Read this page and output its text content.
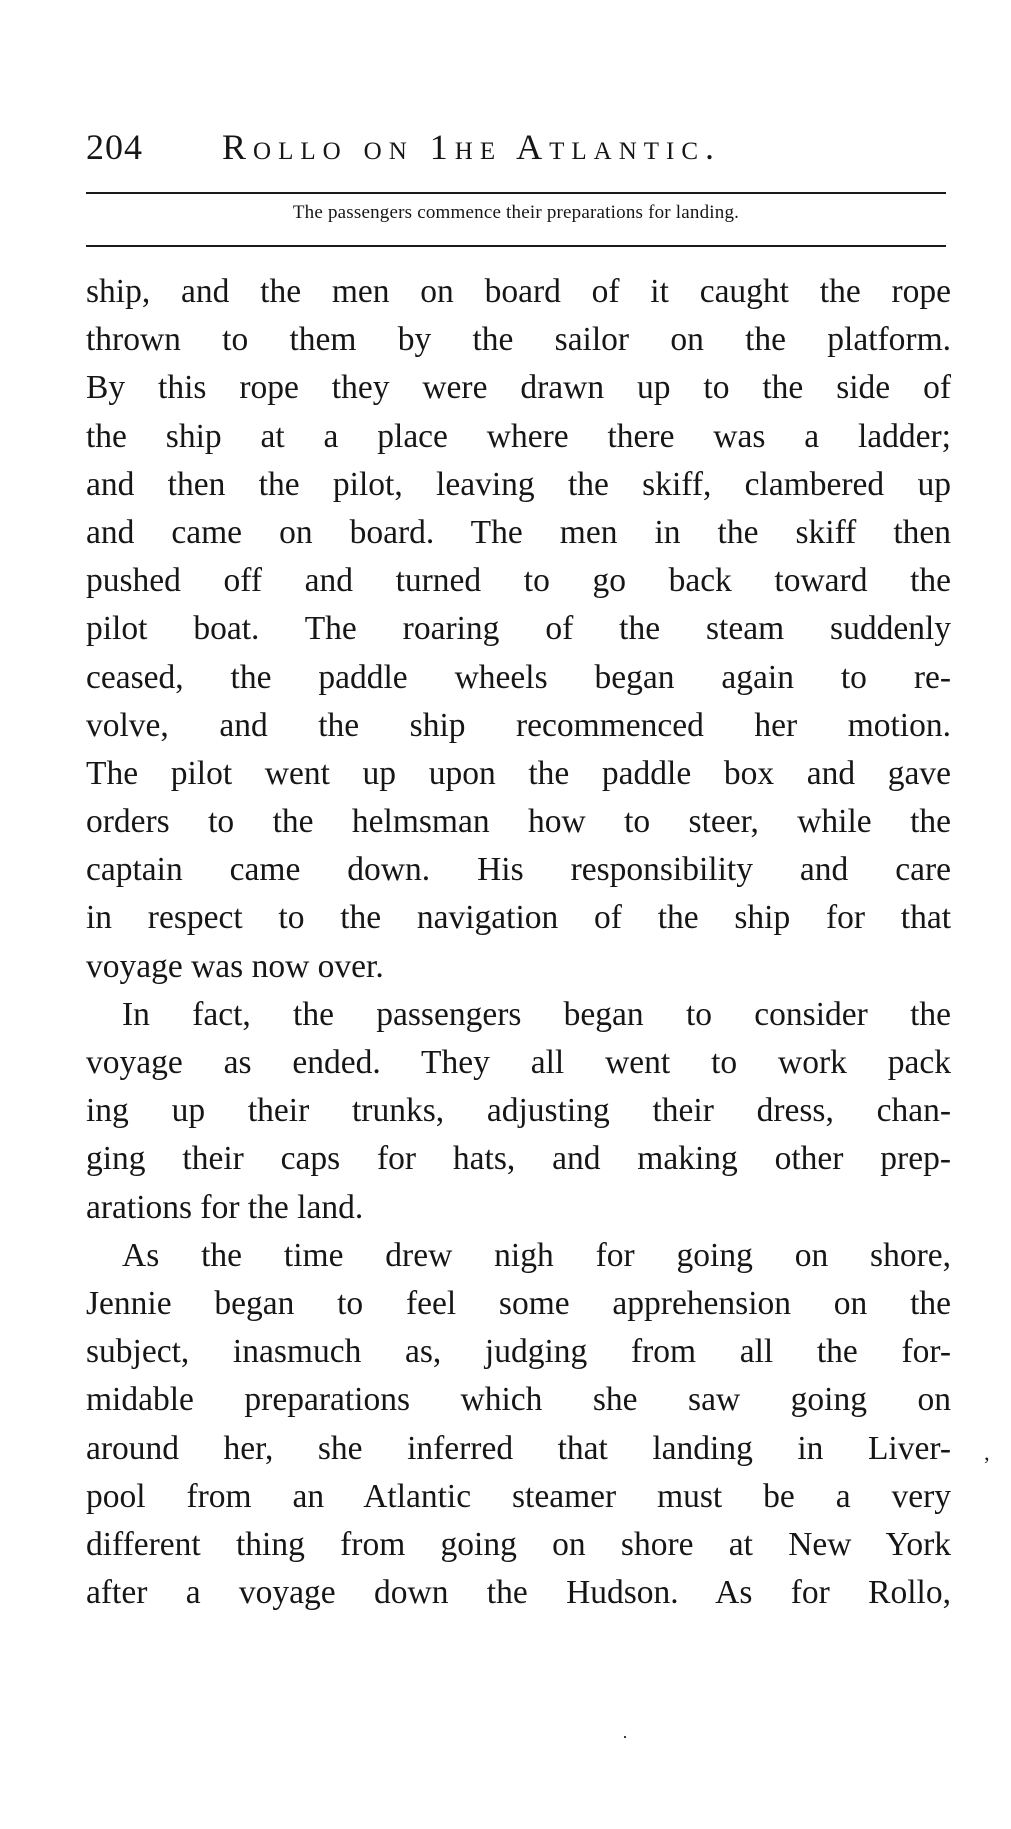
204 Rollo on 1he Atlantic.
The passengers commence their preparations for landing.
ship, and the men on board of it caught the rope
thrown to them by the sailor on the platform.
By this rope they were drawn up to the side of
the ship at a place where there was a ladder;
and then the pilot, leaving the skiff, clambered up
and came on board. The men in the skiff then
pushed off and turned to go back toward the
pilot boat. The roaring of the steam suddenly
ceased, the paddle wheels began again to re-
volve, and the ship recommenced her motion.
The pilot went up upon the paddle box and gave
orders to the helmsman how to steer, while the
captain came down. His responsibility and care
in respect to the navigation of the ship for that
voyage was now over.
In fact, the passengers began to consider the
voyage as ended. They all went to work pack
ing up their trunks, adjusting their dress, chan-
ging their caps for hats, and making other prep-
arations for the land.
As the time drew nigh for going on shore,
Jennie began to feel some apprehension on the
subject, inasmuch as, judging from all the for-
midable preparations which she saw going on
around her, she inferred that landing in Liver-
pool from an Atlantic steamer must be a very
different thing from going on shore at New York
after a voyage down the Hudson. As for Rollo,
’
·
